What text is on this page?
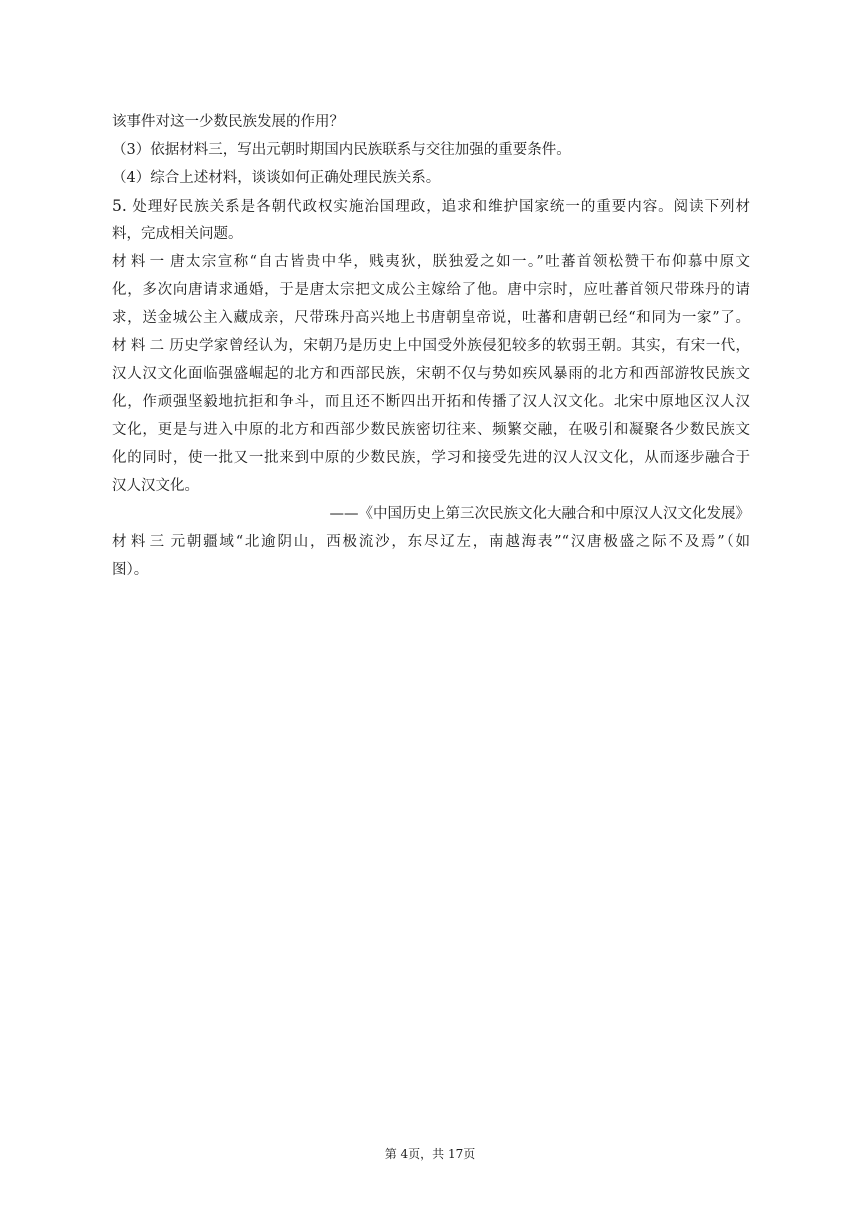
该事件对这一少数民族发展的作用？
（3）依据材料三，写出元朝时期国内民族联系与交往加强的重要条件。
（4）综合上述材料，谈谈如何正确处理民族关系。
5. 处理好民族关系是各朝代政权实施治国理政，追求和维护国家统一的重要内容。阅读下列材
料，完成相关问题。
材料一 唐太宗宣称“自古皆贵中华，贱夷狄，朕独爱之如一。”吐蕃首领松赞干布仰慕中原文
化，多次向唐请求通婚，于是唐太宗把文成公主嫁给了他。唐中宗时，应吐蕃首领尺带珠丹的请
求，送金城公主入藏成亲，尺带珠丹高兴地上书唐朝皇帝说，吐蕃和唐朝已经“和同为一家”了。
材料二 历史学家曾经认为，宋朝乃是历史上中国受外族侵犯较多的软弱王朝。其实，有宋一代，
汉人汉文化面临强盛崛起的北方和西部民族，宋朝不仅与势如疾风暴雨的北方和西部游牧民族文
化，作顽强坚毅地抗拒和争斗，而且还不断四出开拓和传播了汉人汉文化。北宋中原地区汉人汉
文化，更是与进入中原的北方和西部少数民族密切往来、频繁交融，在吸引和凝聚各少数民族文
化的同时，使一批又一批来到中原的少数民族，学习和接受先进的汉人汉文化，从而逐步融合于
汉人汉文化。
——《中国历史上第三次民族文化大融合和中原汉人汉文化发展》
材料三 元朝疆域“北逾阴山，西极流沙，东尽辽左，南越海表”“汉唐极盛之际不及焉”（如
图）。
第 4页，共 17页
